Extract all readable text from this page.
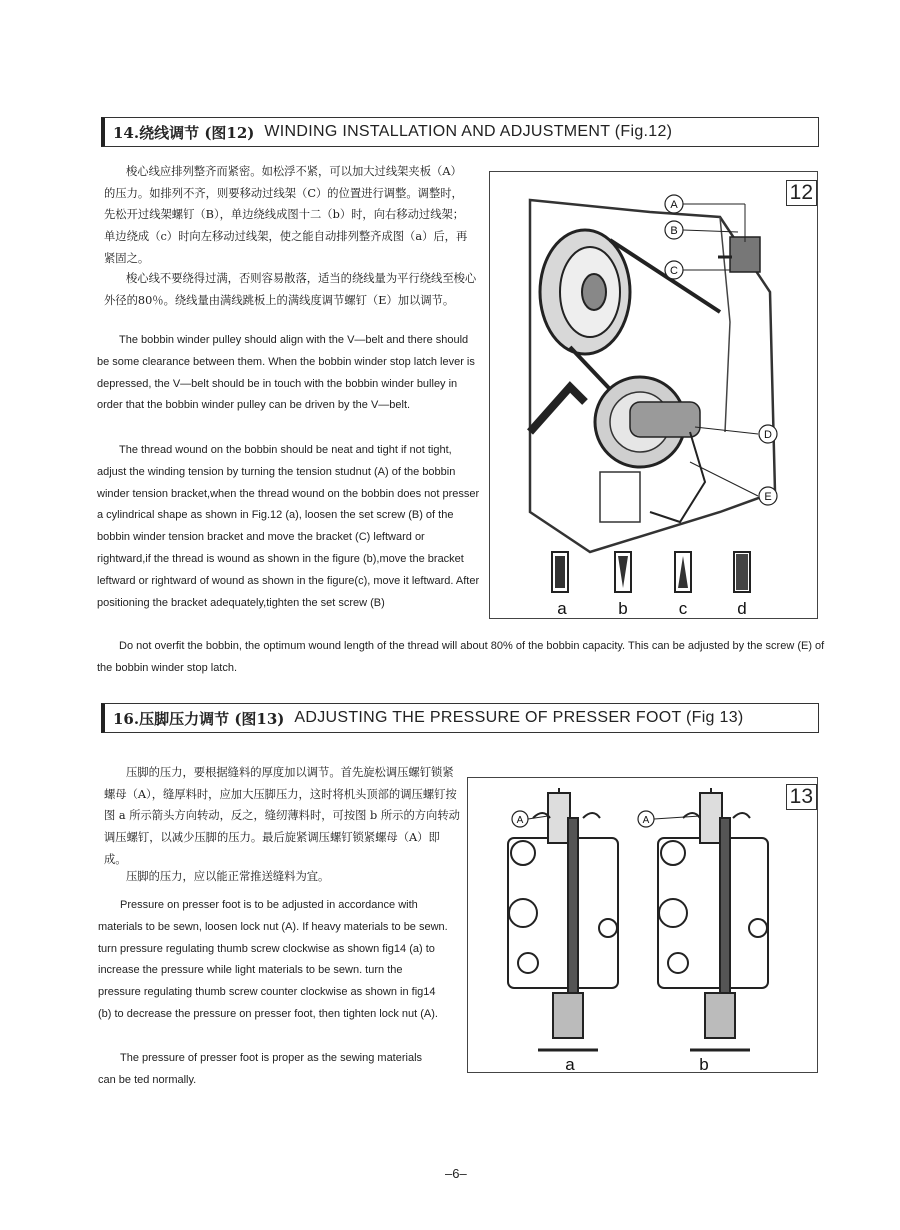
14.绕线调节 (图12) WINDING INSTALLATION AND ADJUSTMENT (Fig.12)
梭心线应排列整齐而紧密。如松浮不紧，可以加大过线架夹板（A）的压力。如排列不齐，则要移动过线架（C）的位置进行调整。调整时，先松开过线架螺钉（B），单边绕线成图十二（b）时，向右移动过线架；单边绕成（c）时向左移动过线架，使之能自动排列整齐成图（a）后，再紧固之。
梭心线不要绕得过满，否则容易散落，适当的绕线量为平行绕线至梭心外径的80％。绕线量由满线跳板上的满线度调节螺钉（E）加以调节。
The bobbin winder pulley should align with the V—belt and there should be some clearance between them. When the bobbin winder stop latch lever is depressed, the V—belt should be in touch with the bobbin winder bulley in order that the bobbin winder pulley can be driven by the V—belt.
The thread wound on the bobbin should be neat and tight if not tight, adjust the winding tension by turning the tension studnut (A) of the bobbin winder tension bracket,when the thread wound on the bobbin does not presser a cylindrical shape as shown in Fig.12 (a), loosen the set screw (B) of the bobbin winder tension bracket and move the bracket (C) leftward or rightward,if the thread is wound as shown in the figure (b),move the bracket leftward or rightward of wound as shown in the figure(c), move it leftward. After positioning the bracket adequately,tighten the set screw (B)
Do not overfit the bobbin, the optimum wound length of the thread will about 80% of the bobbin capacity. This can be adjusted by the screw (E) of the bobbin winder stop latch.
A
B
C
D
E
a	b	c	d
12
16.压脚压力调节 (图13) ADJUSTING THE PRESSURE OF PRESSER FOOT (Fig 13)
压脚的压力，要根据缝料的厚度加以调节。首先旋松调压螺钉锁紧螺母（A），缝厚料时，应加大压脚压力，这时将机头顶部的调压螺钉按图 a 所示箭头方向转动，反之，缝纫薄料时，可按图 b 所示的方向转动调压螺钉，以减少压脚的压力。最后旋紧调压螺钉锁紧螺母（A）即成。
压脚的压力，应以能正常推送缝料为宜。
Pressure on presser foot is to be adjusted in accordance with materials to be sewn, loosen lock nut (A). If heavy materials to be sewn. turn pressure regulating thumb screw clockwise as shown fig14 (a) to increase the pressure while light materials to be sewn. turn the pressure regulating thumb screw counter clockwise as shown in fig14 (b) to decrease the pressure on presser foot, then tighten lock nut (A).
The pressure of presser foot is proper as the sewing materials can be ted normally.
A	A
a	b
13
–6–
